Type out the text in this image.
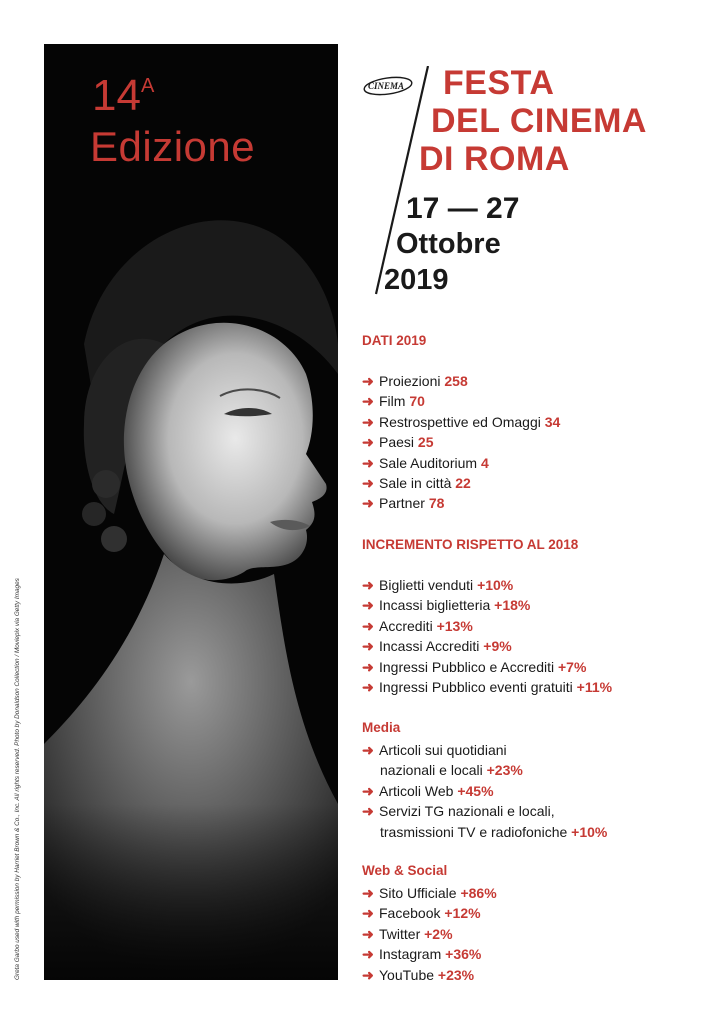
$14^A$
Edizione
Greta Garbo used with permission by Harriet Brown & Co., Inc. All rights reserved. Photo by Donaldson Collection / Moviepix via Getty Images
CINEMA FESTA
DEL CINEMA
DI ROMA
17 — 27
Ottobre
2019
DATI 2019
➜ Proiezioni 258
➜ Film 70
➜ Restrospettive ed Omaggi 34
➜ Paesi 25
➜ Sale Auditorium 4
➜ Sale in città 22
➜ Partner 78
INCREMENTO RISPETTO AL 2018
➜ Biglietti venduti +10%
➜ Incassi biglietteria +18%
➜ Accrediti +13%
➜ Incassi Accrediti +9%
➜ Ingressi Pubblico e Accrediti +7%
➜ Ingressi Pubblico eventi gratuiti +11%
Media
➜ Articoli sui quotidiani
nazionali e locali +23%
➜ Articoli Web +45%
➜ Servizi TG nazionali e locali,
trasmissioni TV e radiofoniche +10%
Web & Social
➜ Sito Ufficiale +86%
➜ Facebook +12%
➜ Twitter +2%
➜ Instagram +36%
➜ YouTube +23%
